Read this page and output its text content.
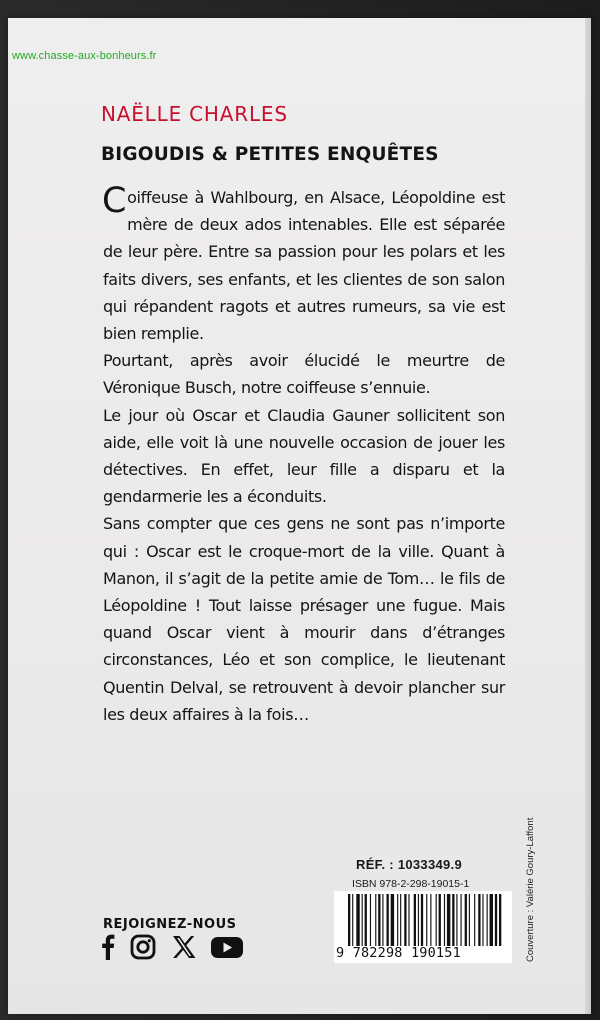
www.chasse-aux-bonheurs.fr
NAËLLE CHARLES
BIGOUDIS & PETITES ENQUÊTES

Coiffeuse à Wahlbourg, en Alsace, Léopoldine est mère de deux ados intenables. Elle est séparée de leur père. Entre sa passion pour les polars et les faits divers, ses enfants, et les clientes de son salon qui répandent ragots et autres rumeurs, sa vie est bien remplie.

Pourtant, après avoir élucidé le meurtre de Véronique Busch, notre coiffeuse s’ennuie.

Le jour où Oscar et Claudia Gauner sollicitent son aide, elle voit là une nouvelle occasion de jouer les détectives. En effet, leur fille a disparu et la gendarmerie les a éconduits.

Sans compter que ces gens ne sont pas n’importe qui : Oscar est le croque-mort de la ville. Quant à Manon, il s’agit de la petite amie de Tom… le fils de Léopoldine ! Tout laisse présager une fugue. Mais quand Oscar vient à mourir dans d’étranges circonstances, Léo et son complice, le lieutenant Quentin Delval, se retrouvent à devoir plancher sur les deux affaires à la fois…

RÉF. : 1033349.9
ISBN 978-2-298-19015-1
9 782298 190151	Couverture : Valérie Goury-Laffont
REJOIGNEZ-NOUS
